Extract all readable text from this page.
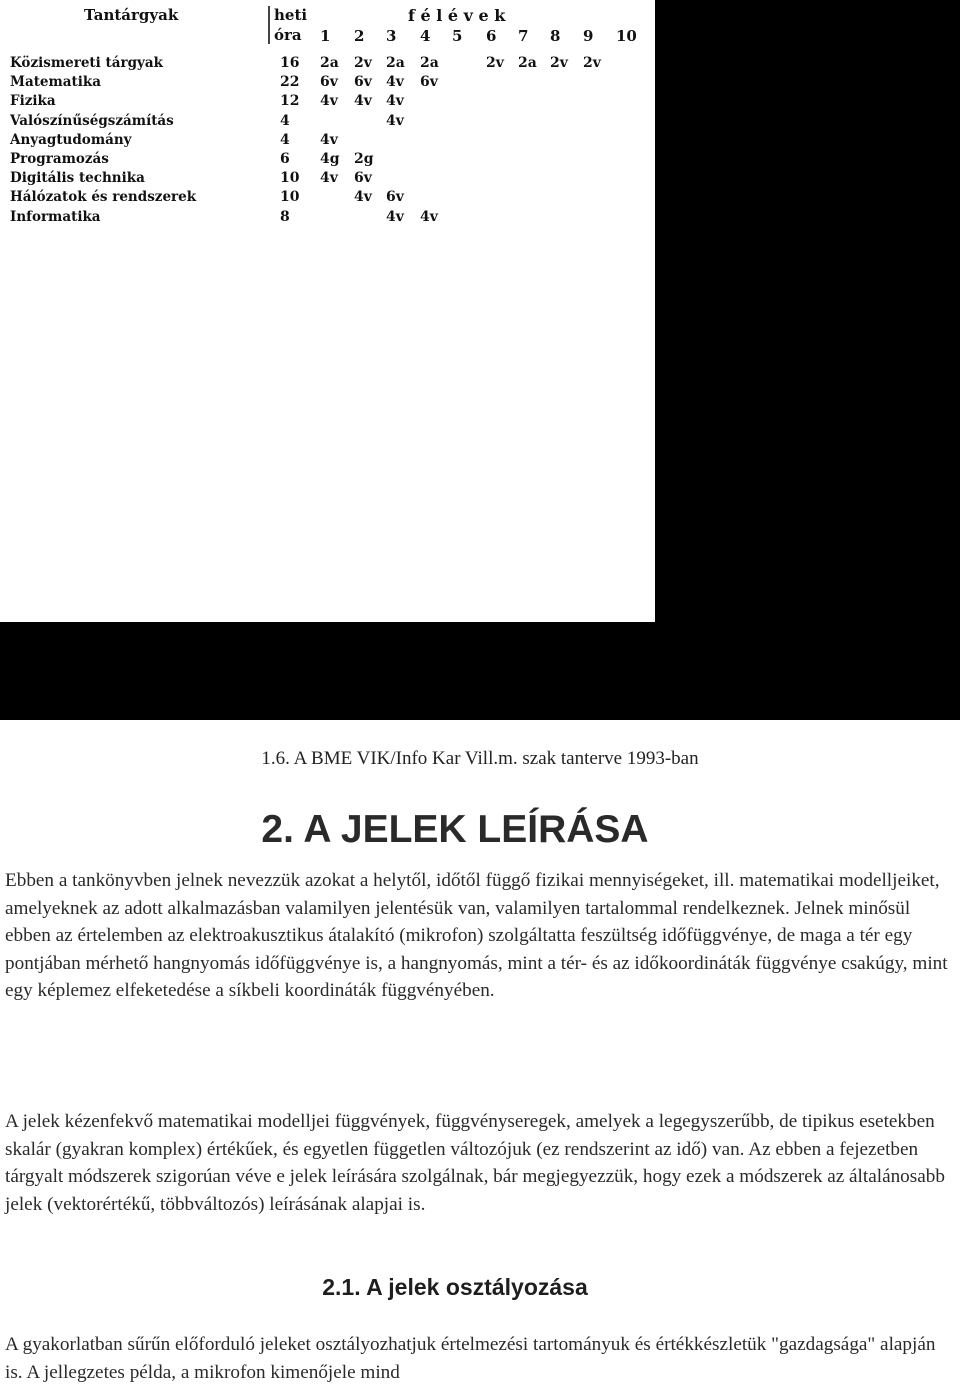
Tantárgyak	heti
óra
f é l é v e k
1 2 3 4 5 6 7 8 9 10
Közismereti tárgyak	16 2a 2v 2a 2a	2v 2a 2v 2v
Matematika	22 6v 6v 4v 6v
Fizika	12 4v 4v 4v
Valószínűségszámítás	4	4v
Anyagtudomány	4 4v
Programozás	6 4g 2g
Digitális technika	10 4v 6v
Hálózatok és rendszerek	10	4v 6v
Informatika	8	4v 4v
1.6. A BME VIK/Info Kar Vill.m. szak tanterve 1993-ban
2. A JELEK LEÍRÁSA

Ebben a tankönyvben jelnek nevezzük azokat a helytől, időtől függő fizikai mennyiségeket, ill. matematikai modelljeiket, amelyeknek az adott alkalmazásban valamilyen jelentésük van, valamilyen tartalommal rendelkeznek. Jelnek minősül ebben az értelemben az elektroakusztikus átalakító (mikrofon) szolgáltatta feszültség időfüggvénye, de maga a tér egy pontjában mérhető hangnyomás időfüggvénye is, a hangnyomás, mint a tér- és az időkoordináták függvénye csakúgy, mint egy képlemez elfeketedése a síkbeli koordináták függvényében.

A jelek kézenfekvő matematikai modelljei függvények, függvényseregek, amelyek a legegyszerűbb, de tipikus esetekben skalár (gyakran komplex) értékűek, és egyetlen független változójuk (ez rendszerint az idő) van. Az ebben a fejezetben tárgyalt módszerek szigorúan véve e jelek leírására szolgálnak, bár megjegyezzük, hogy ezek a módszerek az általánosabb jelek (vektorértékű, többváltozós) leírásának alapjai is.

2.1. A jelek osztályozása

A gyakorlatban sűrűn előforduló jeleket osztályozhatjuk értelmezési tartományuk és értékkészletük "gazdagsága" alapján is. A jellegzetes példa, a mikrofon kimenőjele mind
